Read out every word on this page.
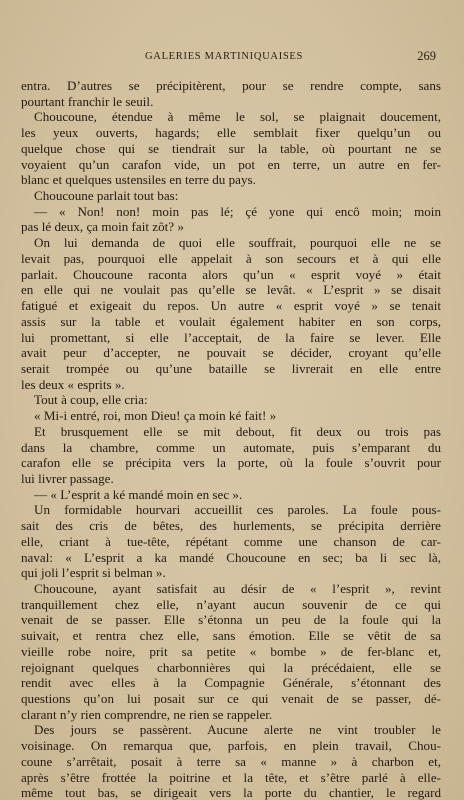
GALERIES MARTINIQUAISES	269
entra. D’autres se précipitèrent, pour se rendre compte, sans
pourtant franchir le seuil.
Choucoune, étendue à même le sol, se plaignait doucement,
les yeux ouverts, hagards; elle semblait fixer quelqu’un ou
quelque chose qui se tiendrait sur la table, où pourtant ne se
voyaient qu’un carafon vide, un pot en terre, un autre en fer-
blanc et quelques ustensiles en terre du pays.
Choucoune parlait tout bas:
— « Non! non! moin pas lé; çé yone qui encô moin; moin
pas lé deux, ça moin fait zôt? »
On lui demanda de quoi elle souffrait, pourquoi elle ne se
levait pas, pourquoi elle appelait à son secours et à qui elle
parlait. Choucoune raconta alors qu’un « esprit voyé » était
en elle qui ne voulait pas qu’elle se levât. « L’esprit » se disait
fatigué et exigeait du repos. Un autre « esprit voyé » se tenait
assis sur la table et voulait également habiter en son corps,
lui promettant, si elle l’acceptait, de la faire se lever. Elle
avait peur d’accepter, ne pouvait se décider, croyant qu’elle
serait trompée ou qu’une bataille se livrerait en elle entre
les deux « esprits ».
Tout à coup, elle cria:
« Mi-i entré, roi, mon Dieu! ça moin ké fait! »
Et brusquement elle se mit debout, fit deux ou trois pas
dans la chambre, comme un automate, puis s’emparant du
carafon elle se précipita vers la porte, où la foule s’ouvrit pour
lui livrer passage.
— « L’esprit a ké mandé moin en sec ».
Un formidable hourvari accueillit ces paroles. La foule pous-
sait des cris de bêtes, des hurlements, se précipita derrière
elle, criant à tue-tête, répétant comme une chanson de car-
naval: « L’esprit a ka mandé Choucoune en sec; ba li sec là,
qui joli l’esprit si belman ».
Choucoune, ayant satisfait au désir de « l’esprit », revint
tranquillement chez elle, n’ayant aucun souvenir de ce qui
venait de se passer. Elle s’étonna un peu de la foule qui la
suivait, et rentra chez elle, sans émotion. Elle se vêtit de sa
vieille robe noire, prit sa petite « bombe » de fer-blanc et,
rejoignant quelques charbonnières qui la précédaient, elle se
rendit avec elles à la Compagnie Générale, s’étonnant des
questions qu’on lui posait sur ce qui venait de se passer, dé-
clarant n’y rien comprendre, ne rien se rappeler.
Des jours se passèrent. Aucune alerte ne vint troubler le
voisinage. On remarqua que, parfois, en plein travail, Chou-
coune s’arrêtait, posait à terre sa « manne » à charbon et,
après s’être frottée la poitrine et la tête, et s’être parlé à elle-
même tout bas, se dirigeait vers la porte du chantier, le regard
